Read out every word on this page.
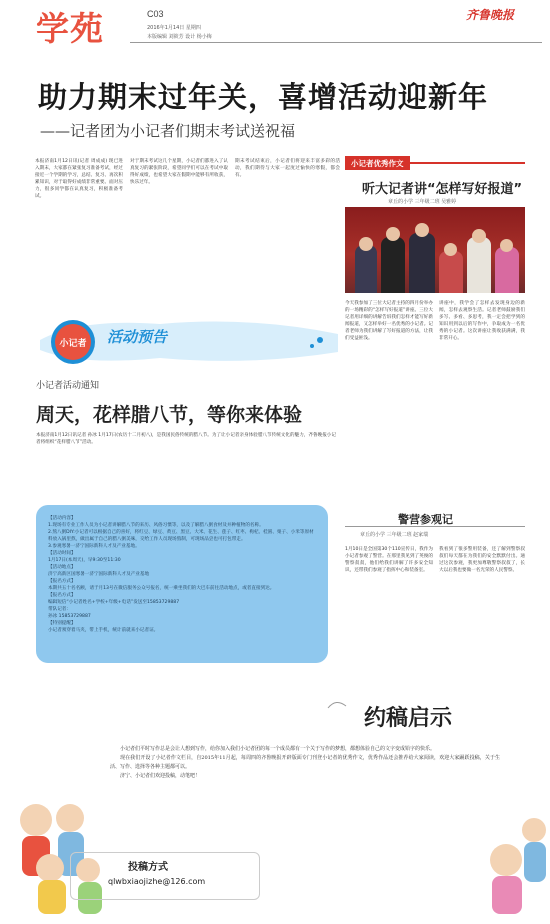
学苑	C03
2016年1月14日 星期四
本版编辑 刘筱芳 设计 杨小梅
齐鲁晚报
助力期末过年关，喜增活动迎新年
——记者团为小记者们期末考试送祝福
本报济南1月12日讯(记者 周成成) 现已进入期末，大家都在紧张复习准备考试，经过接近一个学期的学习，总结、复习、再次积累知识，对于取得好成绩非常重要。面对压力，很多同学都在认真复习，积极准备考试。
对于期末考试这几个星期，小记者们都进入了认真复习的紧张阶段，希望同学们可以在考试中取得好成绩，也希望大家在假期中能够有所收获，快乐过年。
期末考试结束后，小记者们将迎来丰富多彩的活动，我们期待与大家一起度过愉快的寒假，都会有。
小记者优秀作文
听大记者讲“怎样写好报道”
章丘的小学 三年级二班 吴雅婷
今天我参加了三位大记者主持的四月份举办的一场精彩的“怎样写好报道”讲座。三位大记者用详细的讲解告诉我们怎样才能写好新闻报道，又怎样举好一名优秀的小记者。记者老师为我们讲解了写好报道的方法，让我们受益匪浅。
讲座中，我学会了怎样去发现身边的新闻，怎样去观察生活。记者老师鼓励我们多写、多看、多思考，我一定会把学到的知识用到以后的写作中，争取成为一名优秀的小记者。这次讲座让我收获满满，我非常开心。
小记者 活动预告
小记者活动通知
周天，花样腊八节，等你来体验
本报济南1月12日讯记者 孙冰 1月17日(农历十二月初八)，是我国民俗传统的腊八节。为了让小记者亲身体验腊八节传统文化的魅力，齐鲁晚报小记者将组织“花样腊八节”活动。
【活动内容】
1.现场有专业工作人员为小记者讲解腊八节的来历、风俗习惯等，以及了解腊八粥食材及并种植物的名称。
2.熬八粥DIY:小记者可以根据自己的喜好，将红豆、绿豆、黄豆、黑豆、大米、花生、莲子、红枣、枸杞、桂圆、栗子、小米等原材料放入锅里熬，做出属于自己的腊八粥美味，交给工作人员现场熬制，可现场品尝也可打包带走。
3.参观寒暑一济宁国际新科人才及产业基地。
【活动时间】
1月17日(本周天)，早9:30至11:30
【活动地点】
济宁高新区国寒暑一济宁国际新科人才及产业基地
【报名方式】
本期共五十名名额，请于月13号在微信服务公众号报名，统一乘坐我们的大巴车前往活动地点，或者直接到达。
【报名方式】
编辑短信“小记者姓名+学校+年级+电话”发送至15853729887
带队记者：
孙冰 15853729887
【特别提醒】
小记者须穿着马夹，带上手机，统计前就来小记者证。
警营参观记
章丘的小学 三年级二班 赵家瑞
1月10日是全国第30个110宣传日，我作为小记者参观了警营。在那里我见到了英俊的警察叔叔，他们给我们讲解了许多安全知识，还带我们参观了指挥中心和装备室。
我看到了很多警用装备，还了解到警察叔叔们每天都在为我们的安全默默付出。通过这次参观，我更加尊敬警察叔叔了，长大以后我也要做一名光荣的人民警察。
约稿启示

小记者们平时写作总是会让人想到写作，给你加入我们小记者团的每一个成员都有一个关于写作的梦想，都想体验自己的文字变成铅字的快乐。

现在我们开设了小记者作文栏目，自2015年11月起，每周四的齐鲁晚报开辟版面专门刊登小记者的优秀作文，优秀作品还会推荐给大家阅读，欢迎大家踊跃投稿，关于生活、写作、选择等各种主题都可以。

济宁、小记者们欢迎投稿，动笔吧！

投稿方式
qlwbxiaojizhe@126.com
